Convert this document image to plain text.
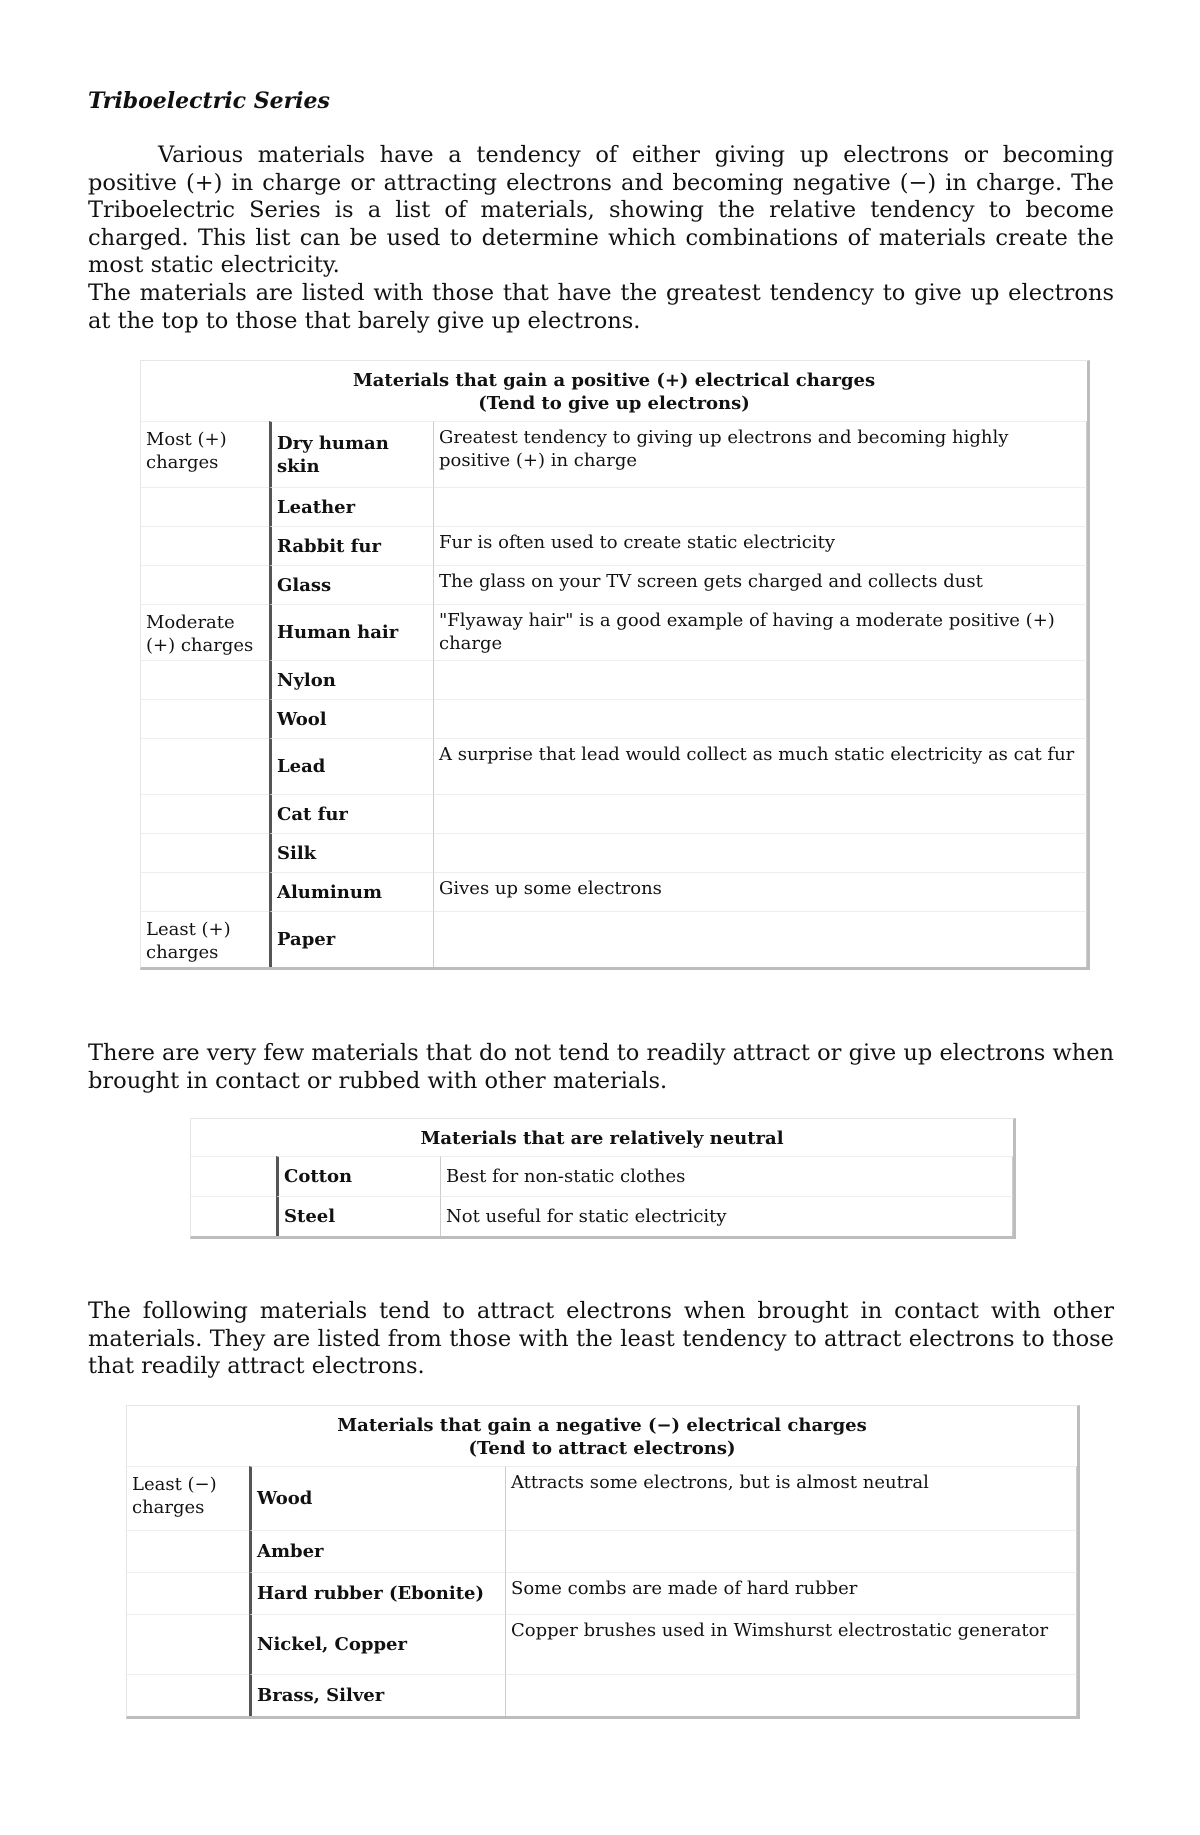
Triboelectric Series

Various materials have a tendency of either giving up electrons or becoming positive (+) in charge or attracting electrons and becoming negative (−) in charge. The Triboelectric Series is a list of materials, showing the relative tendency to become charged. This list can be used to determine which combinations of materials create the most static electricity.

The materials are listed with those that have the greatest tendency to give up electrons at the top to those that barely give up electrons.

Materials that gain a positive (+) electrical charges
(Tend to give up electrons)		

Most (+) charges	Dry human skin	Greatest tendency to giving up electrons and becoming highly positive (+) in charge
	Leather	
	Rabbit fur	Fur is often used to create static electricity
	Glass	The glass on your TV screen gets charged and collects dust
Moderate (+) charges	Human hair	"Flyaway hair" is a good example of having a moderate positive (+) charge
	Nylon	
	Wool	
	Lead	A surprise that lead would collect as much static electricity as cat fur
	Cat fur	
	Silk	
	Aluminum	Gives up some electrons
Least (+) charges	Paper	

There are very few materials that do not tend to readily attract or give up electrons when brought in contact or rubbed with other materials.

Materials that are relatively neutral		
	Cotton	Best for non-static clothes
	Steel	Not useful for static electricity

The following materials tend to attract electrons when brought in contact with other materials. They are listed from those with the least tendency to attract electrons to those that readily attract electrons.

Materials that gain a negative (−) electrical charges
(Tend to attract electrons)		

Least (−) charges	Wood	Attracts some electrons, but is almost neutral
	Amber	
	Hard rubber (Ebonite)	Some combs are made of hard rubber
	Nickel, Copper	Copper brushes used in Wimshurst electrostatic generator
	Brass, Silver	
